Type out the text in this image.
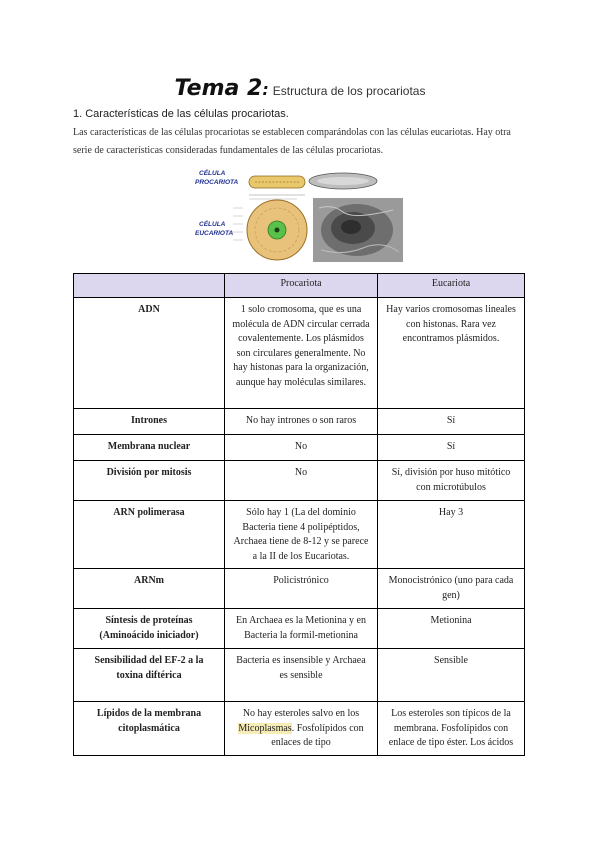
Tema 2: Estructura de los procariotas
1. Características de las células procariotas.
Las características de las células procariotas se establecen comparándolas con las células eucariotas. Hay otra
serie de características consideradas fundamentales de las células procariotas.
CÉLULA PROCARIOTA
CÉLULA EUCARIOTA
	Procariota	Eucariota
ADN	1 solo cromosoma, que es una molécula de ADN circular cerrada covalentemente. Los plásmidos son circulares generalmente. No hay histonas para la organización, aunque hay moléculas similares.	Hay varios cromosomas lineales con histonas. Rara vez encontramos plásmidos.
Intrones	No hay intrones o son raros	Sí
Membrana nuclear	No	Sí
División por mitosis	No	Sí, división por huso mitótico con microtúbulos
ARN polimerasa	Sólo hay 1 (La del dominio Bacteria tiene 4 polipéptidos, Archaea tiene de 8-12 y se parece a la II de los Eucariotas.	Hay 3
ARNm	Policistrónico	Monocistrónico (uno para cada gen)
Síntesis de proteínas (Aminoácido iniciador)	En Archaea es la Metionina y en Bacteria la formil-metionina	Metionina
Sensibilidad del EF-2 a la toxina diftérica	Bacteria es insensible y Archaea es sensible	Sensible
Lípidos de la membrana citoplasmática	No hay esteroles salvo en los Micoplasmas. Fosfolípidos con enlaces de tipo	Los esteroles son típicos de la membrana. Fosfolípidos con enlace de tipo éster. Los ácidos
